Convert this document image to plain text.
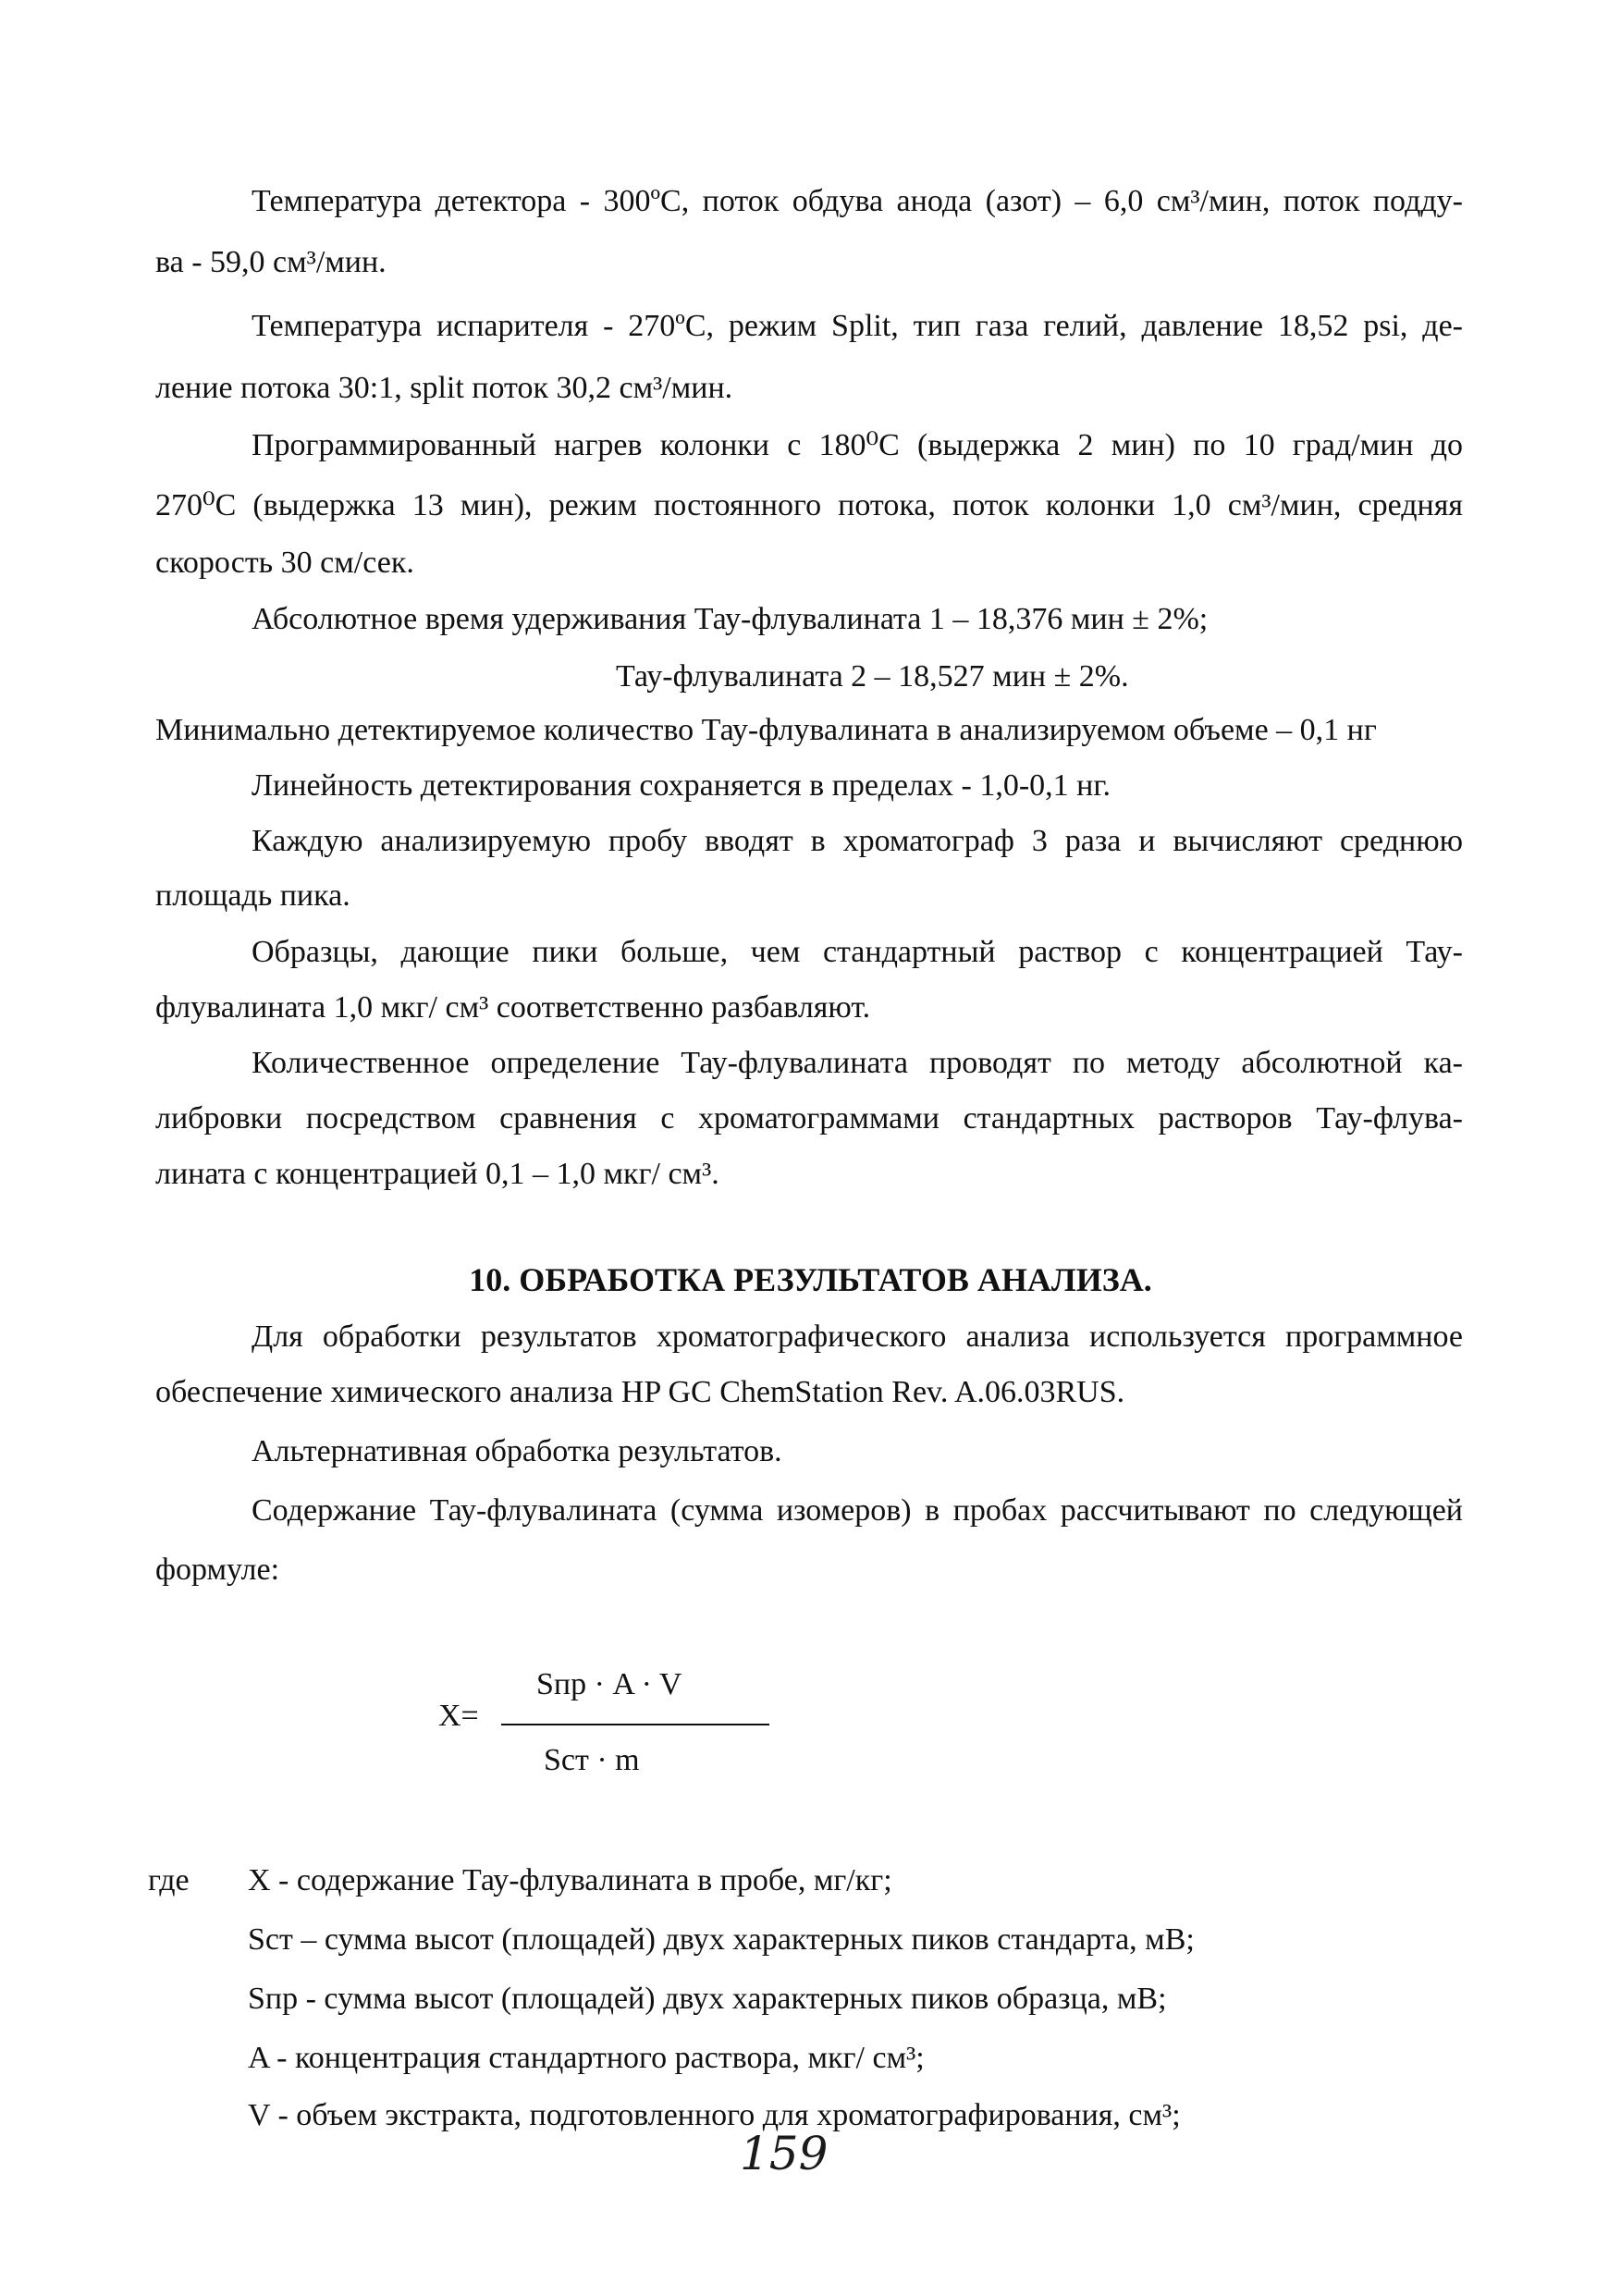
Температура детектора - 300ºС, поток обдува анода (азот) – 6,0 см³/мин, поток подду-
ва - 59,0 см³/мин.
Температура испарителя - 270ºС, режим Split, тип газа гелий, давление 18,52 psi, де-
ление потока 30:1, split поток 30,2 см³/мин.
Программированный нагрев колонки с 180⁰С (выдержка 2 мин) по 10 град/мин до
270⁰С (выдержка 13 мин), режим постоянного потока, поток колонки 1,0 см³/мин, средняя
скорость 30 см/сек.
Абсолютное время удерживания Тау-флувалината 1 – 18,376 мин ± 2%;
Тау-флувалината 2 – 18,527 мин ± 2%.
Минимально детектируемое количество Тау-флувалината в анализируемом объеме – 0,1 нг
Линейность детектирования сохраняется в пределах - 1,0-0,1 нг.
Каждую анализируемую пробу вводят в хроматограф 3 раза и вычисляют среднюю
площадь пика.
Образцы, дающие пики больше, чем стандартный раствор с концентрацией Тау-
флувалината 1,0 мкг/ см³ соответственно разбавляют.
Количественное определение Тау-флувалината проводят по методу абсолютной ка-
либровки посредством сравнения с хроматограммами стандартных растворов Тау-флува-
лината с концентрацией 0,1 – 1,0 мкг/ см³.
10. ОБРАБОТКА РЕЗУЛЬТАТОВ АНАЛИЗА.
Для обработки результатов хроматографического анализа используется программное
обеспечение химического анализа HP GC ChemStation Rev. A.06.03RUS.
Альтернативная обработка результатов.
Содержание Тау-флувалината (сумма изомеров) в пробах рассчитывают по следующей
формуле:
X=
Sпр · A · V
Sст · m
где X - содержание Тау-флувалината в пробе, мг/кг;
Sст – сумма высот (площадей) двух характерных пиков стандарта, мВ;
Sпр - сумма высот (площадей) двух характерных пиков образца, мВ;
A - концентрация стандартного раствора, мкг/ см³;
V - объем экстракта, подготовленного для хроматографирования, см³;
159
